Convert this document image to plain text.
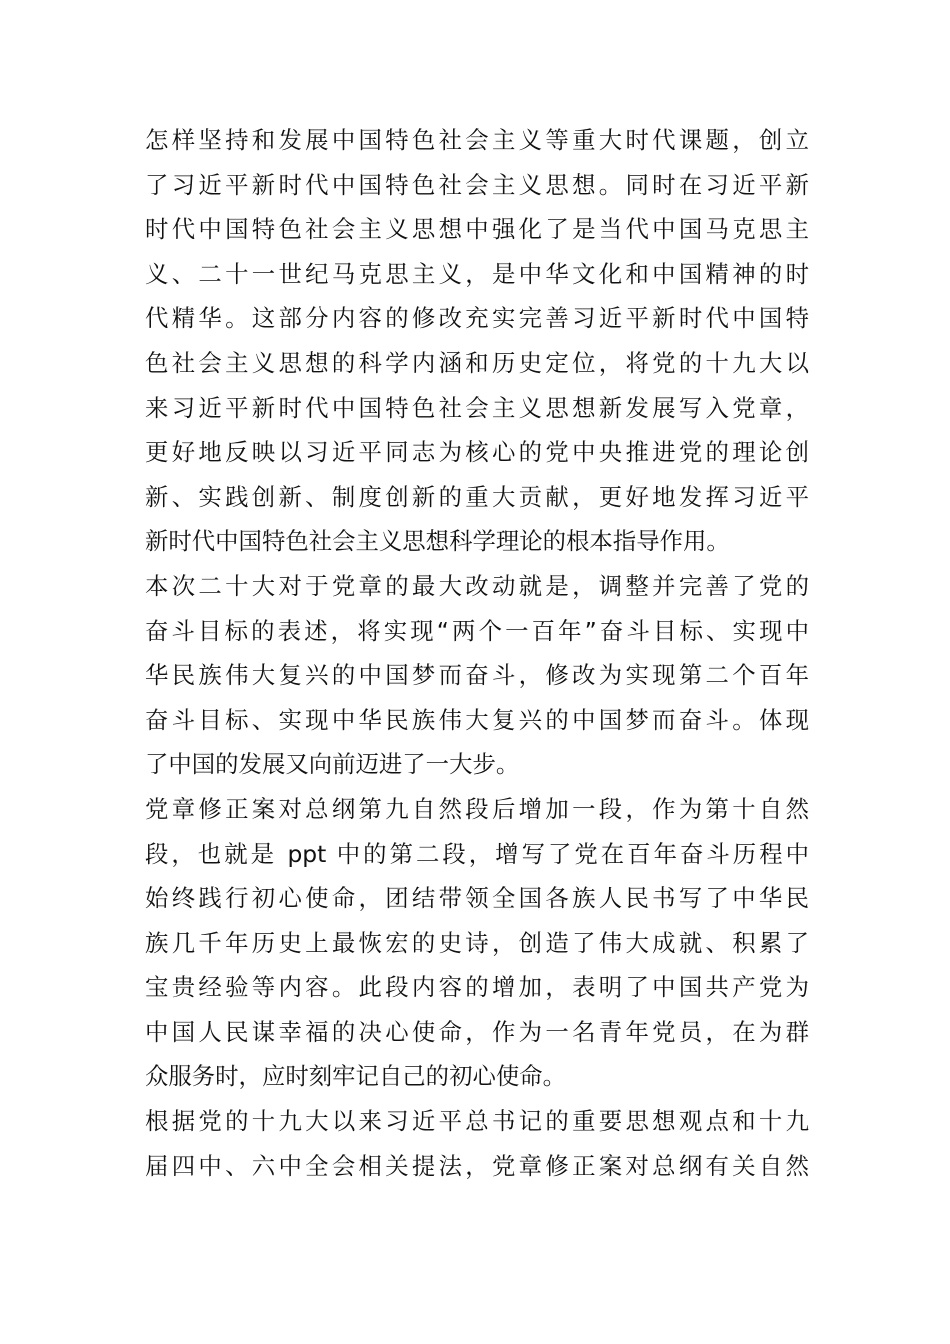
怎样坚持和发展中国特色社会主义等重大时代课题，创立
了习近平新时代中国特色社会主义思想。同时在习近平新
时代中国特色社会主义思想中强化了是当代中国马克思主
义、二十一世纪马克思主义，是中华文化和中国精神的时
代精华。这部分内容的修改充实完善习近平新时代中国特
色社会主义思想的科学内涵和历史定位，将党的十九大以
来习近平新时代中国特色社会主义思想新发展写入党章，
更好地反映以习近平同志为核心的党中央推进党的理论创
新、实践创新、制度创新的重大贡献，更好地发挥习近平
新时代中国特色社会主义思想科学理论的根本指导作用。
本次二十大对于党章的最大改动就是，调整并完善了党的
奋斗目标的表述，将实现“两个一百年”奋斗目标、实现中
华民族伟大复兴的中国梦而奋斗，修改为实现第二个百年
奋斗目标、实现中华民族伟大复兴的中国梦而奋斗。体现
了中国的发展又向前迈进了一大步。
党章修正案对总纲第九自然段后增加一段，作为第十自然
段，也就是 ppt 中的第二段，增写了党在百年奋斗历程中
始终践行初心使命，团结带领全国各族人民书写了中华民
族几千年历史上最恢宏的史诗，创造了伟大成就、积累了
宝贵经验等内容。此段内容的增加，表明了中国共产党为
中国人民谋幸福的决心使命，作为一名青年党员，在为群
众服务时，应时刻牢记自己的初心使命。
根据党的十九大以来习近平总书记的重要思想观点和十九
届四中、六中全会相关提法，党章修正案对总纲有关自然
